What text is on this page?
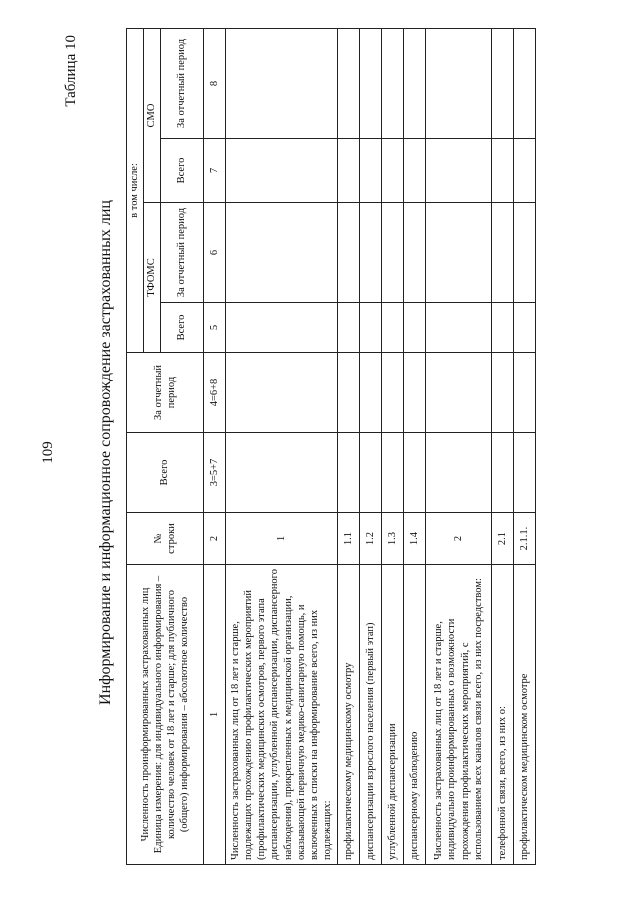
109
Таблица 10
Информирование и информационное сопровождение застрахованных лиц
Численность проинформированных застрахованных лиц Единица измерения: для индивидуального информирования – количество человек от 18 лет и старше; для публичного (общего) информирования – абсолютное количество	№ строки	Всего	За отчетный период	в том числе:			
				ТФОМС		СМО	
				Всего	За отчетный период	Всего	За отчетный период
1	2	3=5+7	4=6+8	5	6	7	8
Численность застрахованных лиц от 18 лет и старше, подлежащих прохождению профилактических мероприятий (профилактических медицинских осмотров, первого этапа диспансеризации, углубленной диспансеризации, диспансерного наблюдения), прикрепленных к медицинской организации, оказывающей первичную медико-санитарную помощь, и включенных в списки на информирование всего, из них подлежащих:	1						
профилактическому медицинскому осмотру	1.1						
диспансеризации взрослого населения (первый этап)	1.2						
углубленной диспансеризации	1.3						
диспансерному наблюдению	1.4						
Численность застрахованных лиц от 18 лет и старше, индивидуально проинформированных о возможности прохождения профилактических мероприятий, с использованием всех каналов связи всего, из них посредством:	2						
телефонной связи, всего, из них о:	2.1						
профилактическом медицинском осмотре	2.1.1.						
